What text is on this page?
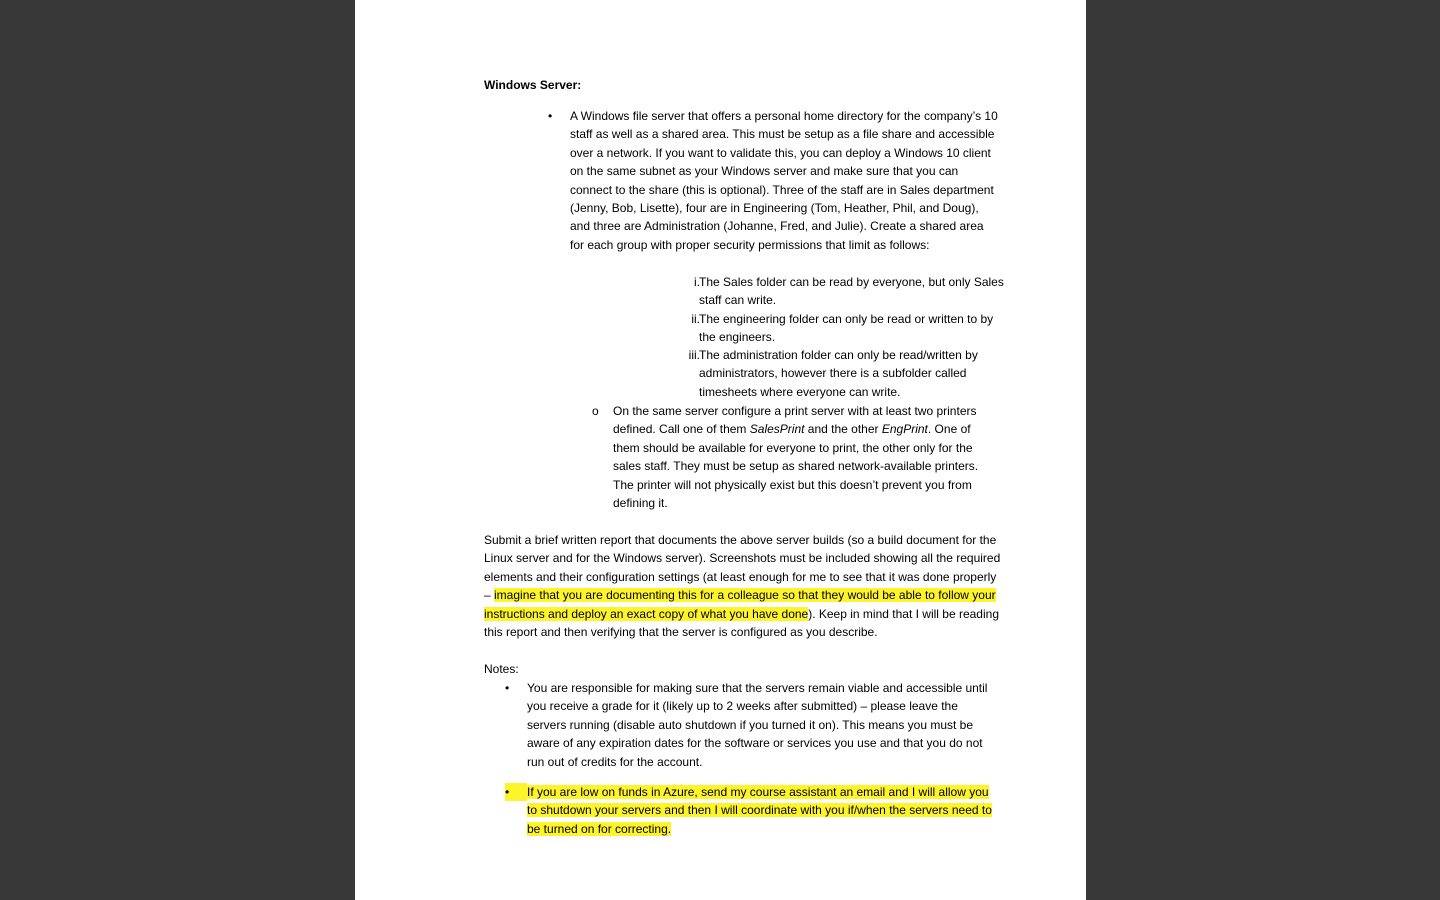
Windows Server:

• A Windows file server that offers a personal home directory for the company’s 10 staff as well as a shared area. This must be setup as a file share and accessible over a network. If you want to validate this, you can deploy a Windows 10 client on the same subnet as your Windows server and make sure that you can connect to the share (this is optional). Three of the staff are in Sales department (Jenny, Bob, Lisette), four are in Engineering (Tom, Heather, Phil, and Doug), and three are Administration (Johanne, Fred, and Julie). Create a shared area for each group with proper security permissions that limit as follows:

i. The Sales folder can be read by everyone, but only Sales staff can write.

ii. The engineering folder can only be read or written to by the engineers.

iii. The administration folder can only be read/written by administrators, however there is a subfolder called timesheets where everyone can write.

o On the same server configure a print server with at least two printers defined. Call one of them SalesPrint and the other EngPrint. One of them should be available for everyone to print, the other only for the sales staff. They must be setup as shared network-available printers. The printer will not physically exist but this doesn’t prevent you from defining it.

Submit a brief written report that documents the above server builds (so a build document for the Linux server and for the Windows server). Screenshots must be included showing all the required elements and their configuration settings (at least enough for me to see that it was done properly – imagine that you are documenting this for a colleague so that they would be able to follow your instructions and deploy an exact copy of what you have done). Keep in mind that I will be reading this report and then verifying that the server is configured as you describe.

Notes:

• You are responsible for making sure that the servers remain viable and accessible until you receive a grade for it (likely up to 2 weeks after submitted) – please leave the servers running (disable auto shutdown if you turned it on). This means you must be aware of any expiration dates for the software or services you use and that you do not run out of credits for the account.

•	If you are low on funds in Azure, send my course assistant an email and I will allow you to shutdown your servers and then I will coordinate with you if/when the servers need to be turned on for correcting.
